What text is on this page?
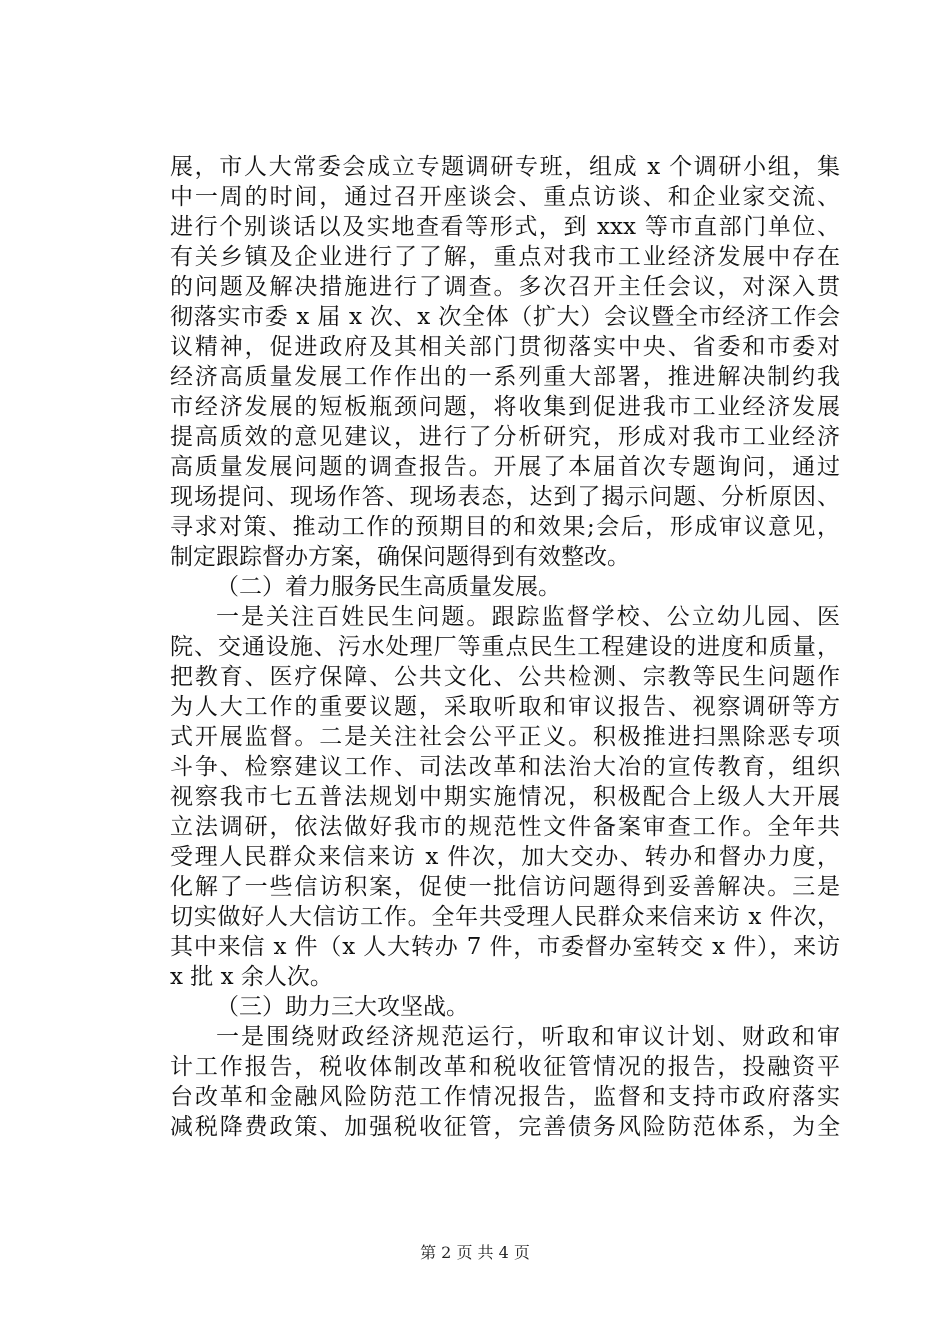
展，市人大常委会成立专题调研专班，组成 x 个调研小组，集
中一周的时间，通过召开座谈会、重点访谈、和企业家交流、
进行个别谈话以及实地查看等形式，到 xxx 等市直部门单位、
有关乡镇及企业进行了了解，重点对我市工业经济发展中存在
的问题及解决措施进行了调查。多次召开主任会议，对深入贯
彻落实市委 x 届 x 次、x 次全体（扩大）会议暨全市经济工作会
议精神，促进政府及其相关部门贯彻落实中央、省委和市委对
经济高质量发展工作作出的一系列重大部署，推进解决制约我
市经济发展的短板瓶颈问题，将收集到促进我市工业经济发展
提高质效的意见建议，进行了分析研究，形成对我市工业经济
高质量发展问题的调查报告。开展了本届首次专题询问，通过
现场提问、现场作答、现场表态，达到了揭示问题、分析原因、
寻求对策、推动工作的预期目的和效果;会后，形成审议意见，
制定跟踪督办方案，确保问题得到有效整改。
（二）着力服务民生高质量发展。
一是关注百姓民生问题。跟踪监督学校、公立幼儿园、医
院、交通设施、污水处理厂等重点民生工程建设的进度和质量，
把教育、医疗保障、公共文化、公共检测、宗教等民生问题作
为人大工作的重要议题，采取听取和审议报告、视察调研等方
式开展监督。二是关注社会公平正义。积极推进扫黑除恶专项
斗争、检察建议工作、司法改革和法治大冶的宣传教育，组织
视察我市七五普法规划中期实施情况，积极配合上级人大开展
立法调研，依法做好我市的规范性文件备案审查工作。全年共
受理人民群众来信来访 x 件次，加大交办、转办和督办力度，
化解了一些信访积案，促使一批信访问题得到妥善解决。三是
切实做好人大信访工作。全年共受理人民群众来信来访 x 件次，
其中来信 x 件（x 人大转办 7 件，市委督办室转交 x 件），来访
x 批 x 余人次。
（三）助力三大攻坚战。
一是围绕财政经济规范运行，听取和审议计划、财政和审
计工作报告，税收体制改革和税收征管情况的报告，投融资平
台改革和金融风险防范工作情况报告，监督和支持市政府落实
减税降费政策、加强税收征管，完善债务风险防范体系，为全
第 2 页 共 4 页
